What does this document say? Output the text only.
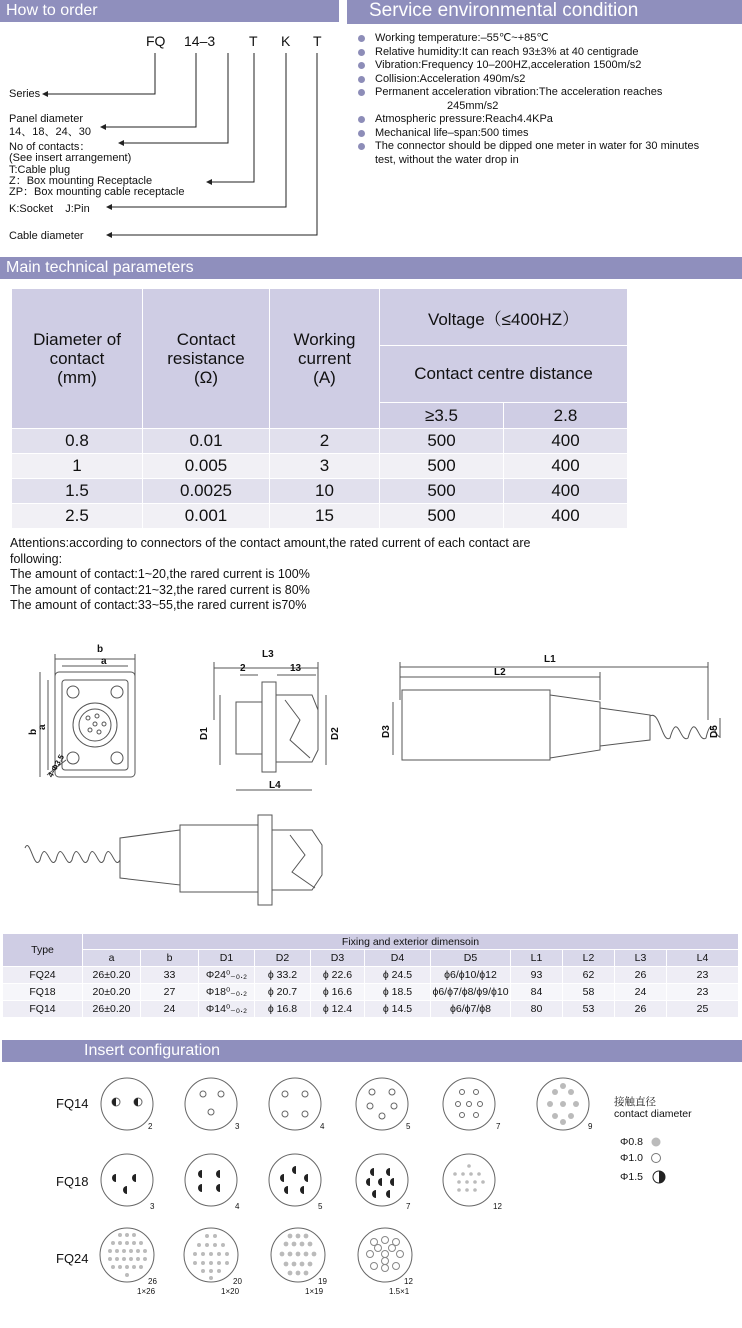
How to order	Service environmental condition
FQ 14–3 T K T
Series
Panel diameter
14、18、24、30
No of contacts：
(See insert arrangement)
T:Cable plug
Z：Box mounting Receptacle
ZP：Box mounting cable receptacle
K:Socket    J:Pin
Cable diameter
Working temperature:–55℃~+85℃
Relative humidity:It can reach 93±3% at 40 centigrade
Vibration:Frequency 10–200HZ,acceleration 1500m/s2
Collision:Acceleration 490m/s2
Permanent acceleration vibration:The acceleration reaches
245mm/s2
Atmospheric pressure:Reach4.4KPa
Mechanical life–span:500 times
The connector should be dipped one meter in water for 30 minutes
test, without the water drop in
Main technical parameters
Diameter of
contact
(mm)	Contact
resistance
(Ω)	Working
current
(A)	Voltage（≤400HZ）	
			Contact centre distance	
			≥3.5	2.8
0.8	0.01	2	500	400
1	0.005	3	500	400
1.5	0.0025	10	500	400
2.5	0.001	15	500	400
Attentions:according to connectors of the contact amount,the rated current of each contact are
following:
The amount of contact:1~20,the rared current is 100%
The amount of contact:21~32,the rared current is 80%
The amount of contact:33~55,the rared current is70%
b
a
L3
2	13
L4
L1
L2
b
a	D1	D2	D3	D5
4-Φ3.5
Type	Fixing and exterior dimensoin										
	a	b	D1	D2	D3	D4	D5	L1	L2	L3	L4
FQ24	26±0.20	33	Φ24⁰₋₀.₂	ϕ 33.2	ϕ 22.6	ϕ 24.5	ϕ6/ϕ10/ϕ12	93	62	26	23
FQ18	20±0.20	27	Φ18⁰₋₀.₂	ϕ 20.7	ϕ 16.6	ϕ 18.5	ϕ6/ϕ7/ϕ8/ϕ9/ϕ10	84	58	24	23
FQ14	26±0.20	24	Φ14⁰₋₀.₂	ϕ 16.8	ϕ 12.4	ϕ 14.5	ϕ6/ϕ7/ϕ8	80	53	26	25
Insert configuration
FQ14
FQ18
FQ24
2	3	4	5	7	9
3	4	5	7	12
26	20	19	12
1×26	1×20	1×19	1.5×1
接触直径
contact diameter
Φ0.8
Φ1.0
Φ1.5
